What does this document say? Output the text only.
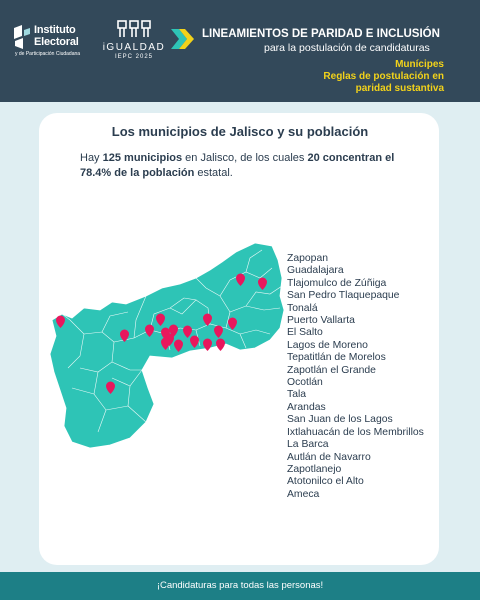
Instituto
Electoral
y de Participación Ciudadana
iGUALDAD
IEPC 2025
LINEAMIENTOS DE PARIDAD E INCLUSIÓN
para la postulación de candidaturas
Munícipes
Reglas de postulación en paridad sustantiva
Los municipios de Jalisco y su población
Hay 125 municipios en Jalisco, de los cuales 20 concentran el 78.4% de la población estatal.
Zapopan
Guadalajara
Tlajomulco de Zúñiga
San Pedro Tlaquepaque
Tonalá
Puerto Vallarta
El Salto
Lagos de Moreno
Tepatitlán de Morelos
Zapotlán el Grande
Ocotlán
Tala
Arandas
San Juan de los Lagos
Ixtlahuacán de los Membrillos
La Barca
Autlán de Navarro
Zapotlanejo
Atotonilco el Alto
Ameca
¡Candidaturas para todas las personas!
